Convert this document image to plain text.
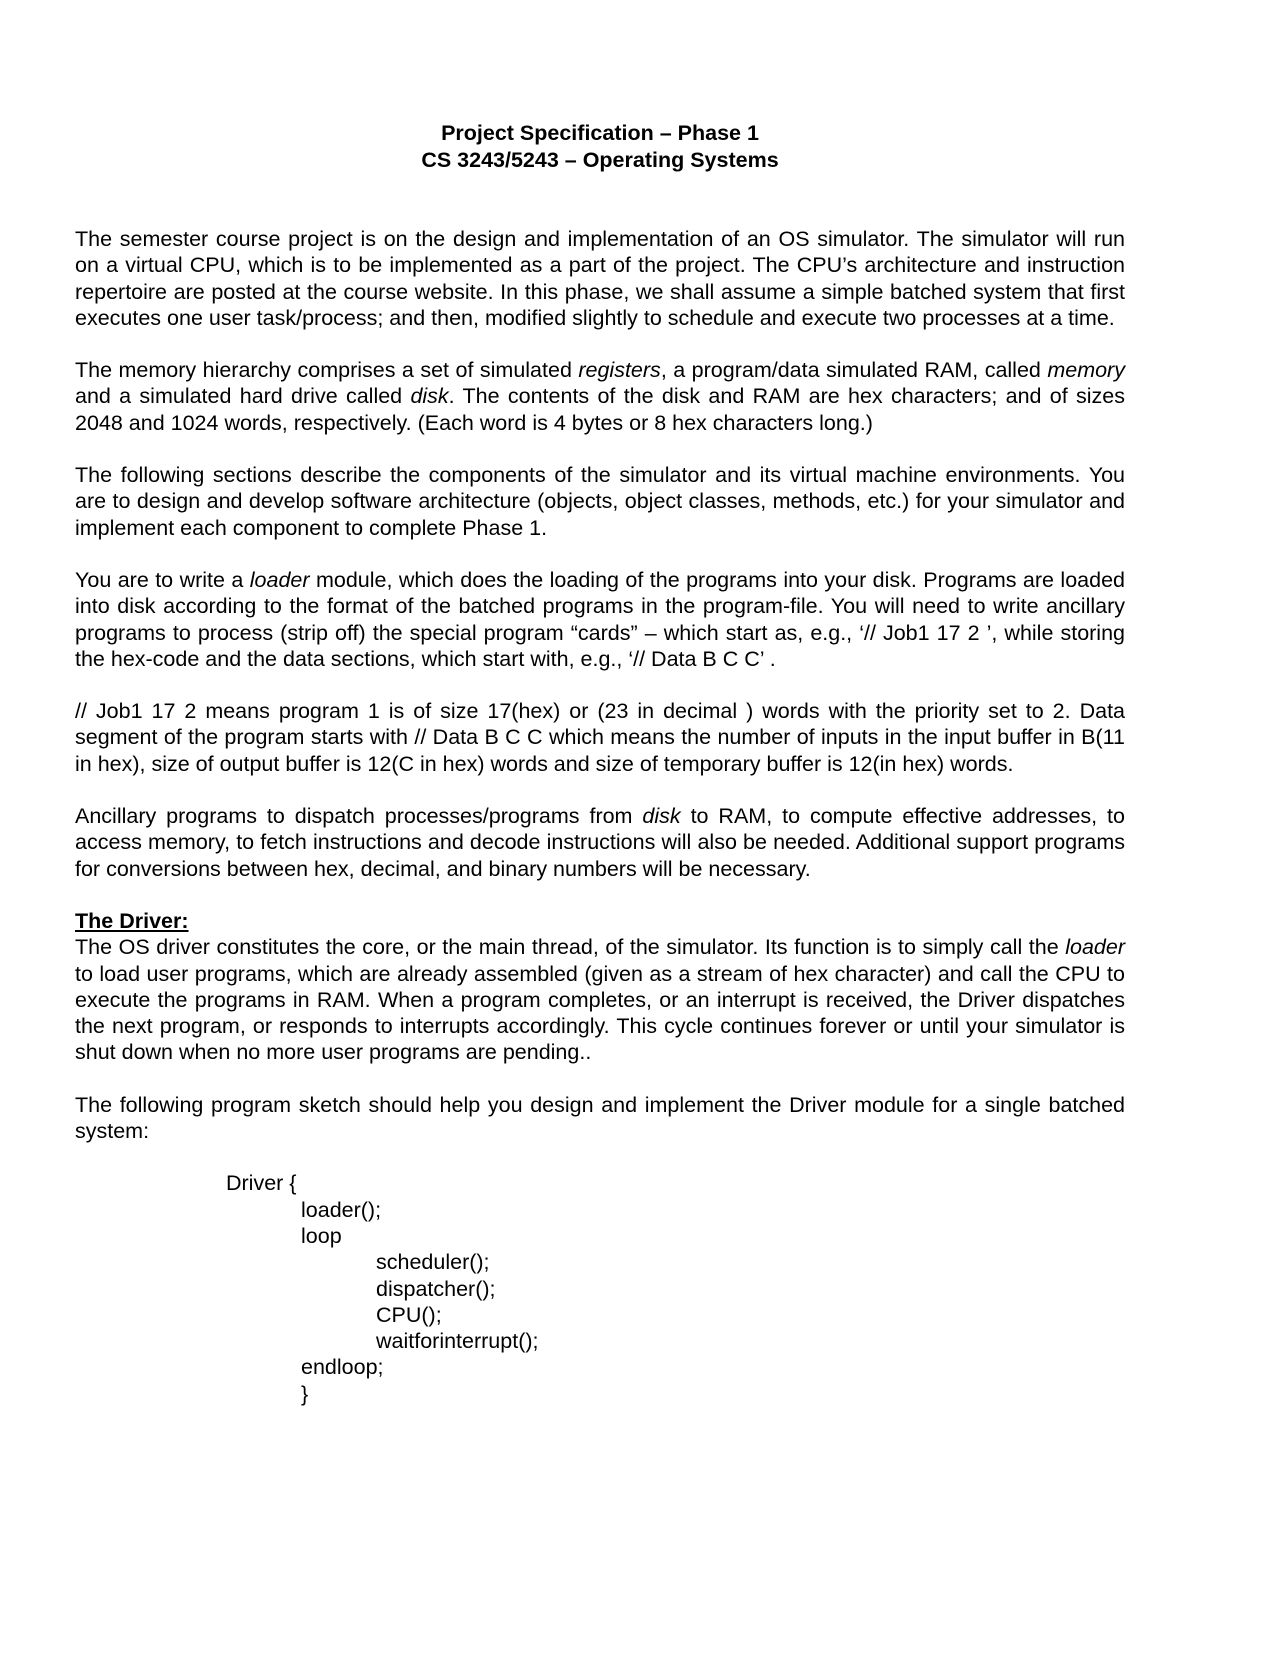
Project Specification – Phase 1
CS 3243/5243 – Operating Systems

The semester course project is on the design and implementation of an OS simulator. The simulator will run on a virtual CPU, which is to be implemented as a part of the project. The CPU’s architecture and instruction repertoire are posted at the course website. In this phase, we shall assume a simple batched system that first executes one user task/process; and then, modified slightly to schedule and execute two processes at a time.

The memory hierarchy comprises a set of simulated registers, a program/data simulated RAM, called memory and a simulated hard drive called disk. The contents of the disk and RAM are hex characters; and of sizes 2048 and 1024 words, respectively. (Each word is 4 bytes or 8 hex characters long.)

The following sections describe the components of the simulator and its virtual machine environments. You are to design and develop software architecture (objects, object classes, methods, etc.) for your simulator and implement each component to complete Phase 1.

You are to write a loader module, which does the loading of the programs into your disk. Programs are loaded into disk according to the format of the batched programs in the program-file. You will need to write ancillary programs to process (strip off) the special program “cards” – which start as, e.g., ‘// Job1 17 2 ’, while storing the hex-code and the data sections, which start with, e.g., ‘// Data B C C’ .

// Job1 17 2 means program 1 is of size 17(hex) or (23 in decimal ) words with the priority set to 2. Data segment of the program starts with // Data B C C which means the number of inputs in the input buffer in B(11 in hex), size of output buffer is 12(C in hex) words and size of temporary buffer is 12(in hex) words.

Ancillary programs to dispatch processes/programs from disk to RAM, to compute effective addresses, to access memory, to fetch instructions and decode instructions will also be needed. Additional support programs for conversions between hex, decimal, and binary numbers will be necessary.

The Driver:
The OS driver constitutes the core, or the main thread, of the simulator. Its function is to simply call the loader to load user programs, which are already assembled (given as a stream of hex character) and call the CPU to execute the programs in RAM. When a program completes, or an interrupt is received, the Driver dispatches the next program, or responds to interrupts accordingly. This cycle continues forever or until your simulator is shut down when no more user programs are pending..

The following program sketch should help you design and implement the Driver module for a single batched system:

Driver {
loader();
loop
scheduler();
dispatcher();
CPU();
waitforinterrupt();
endloop;
}
